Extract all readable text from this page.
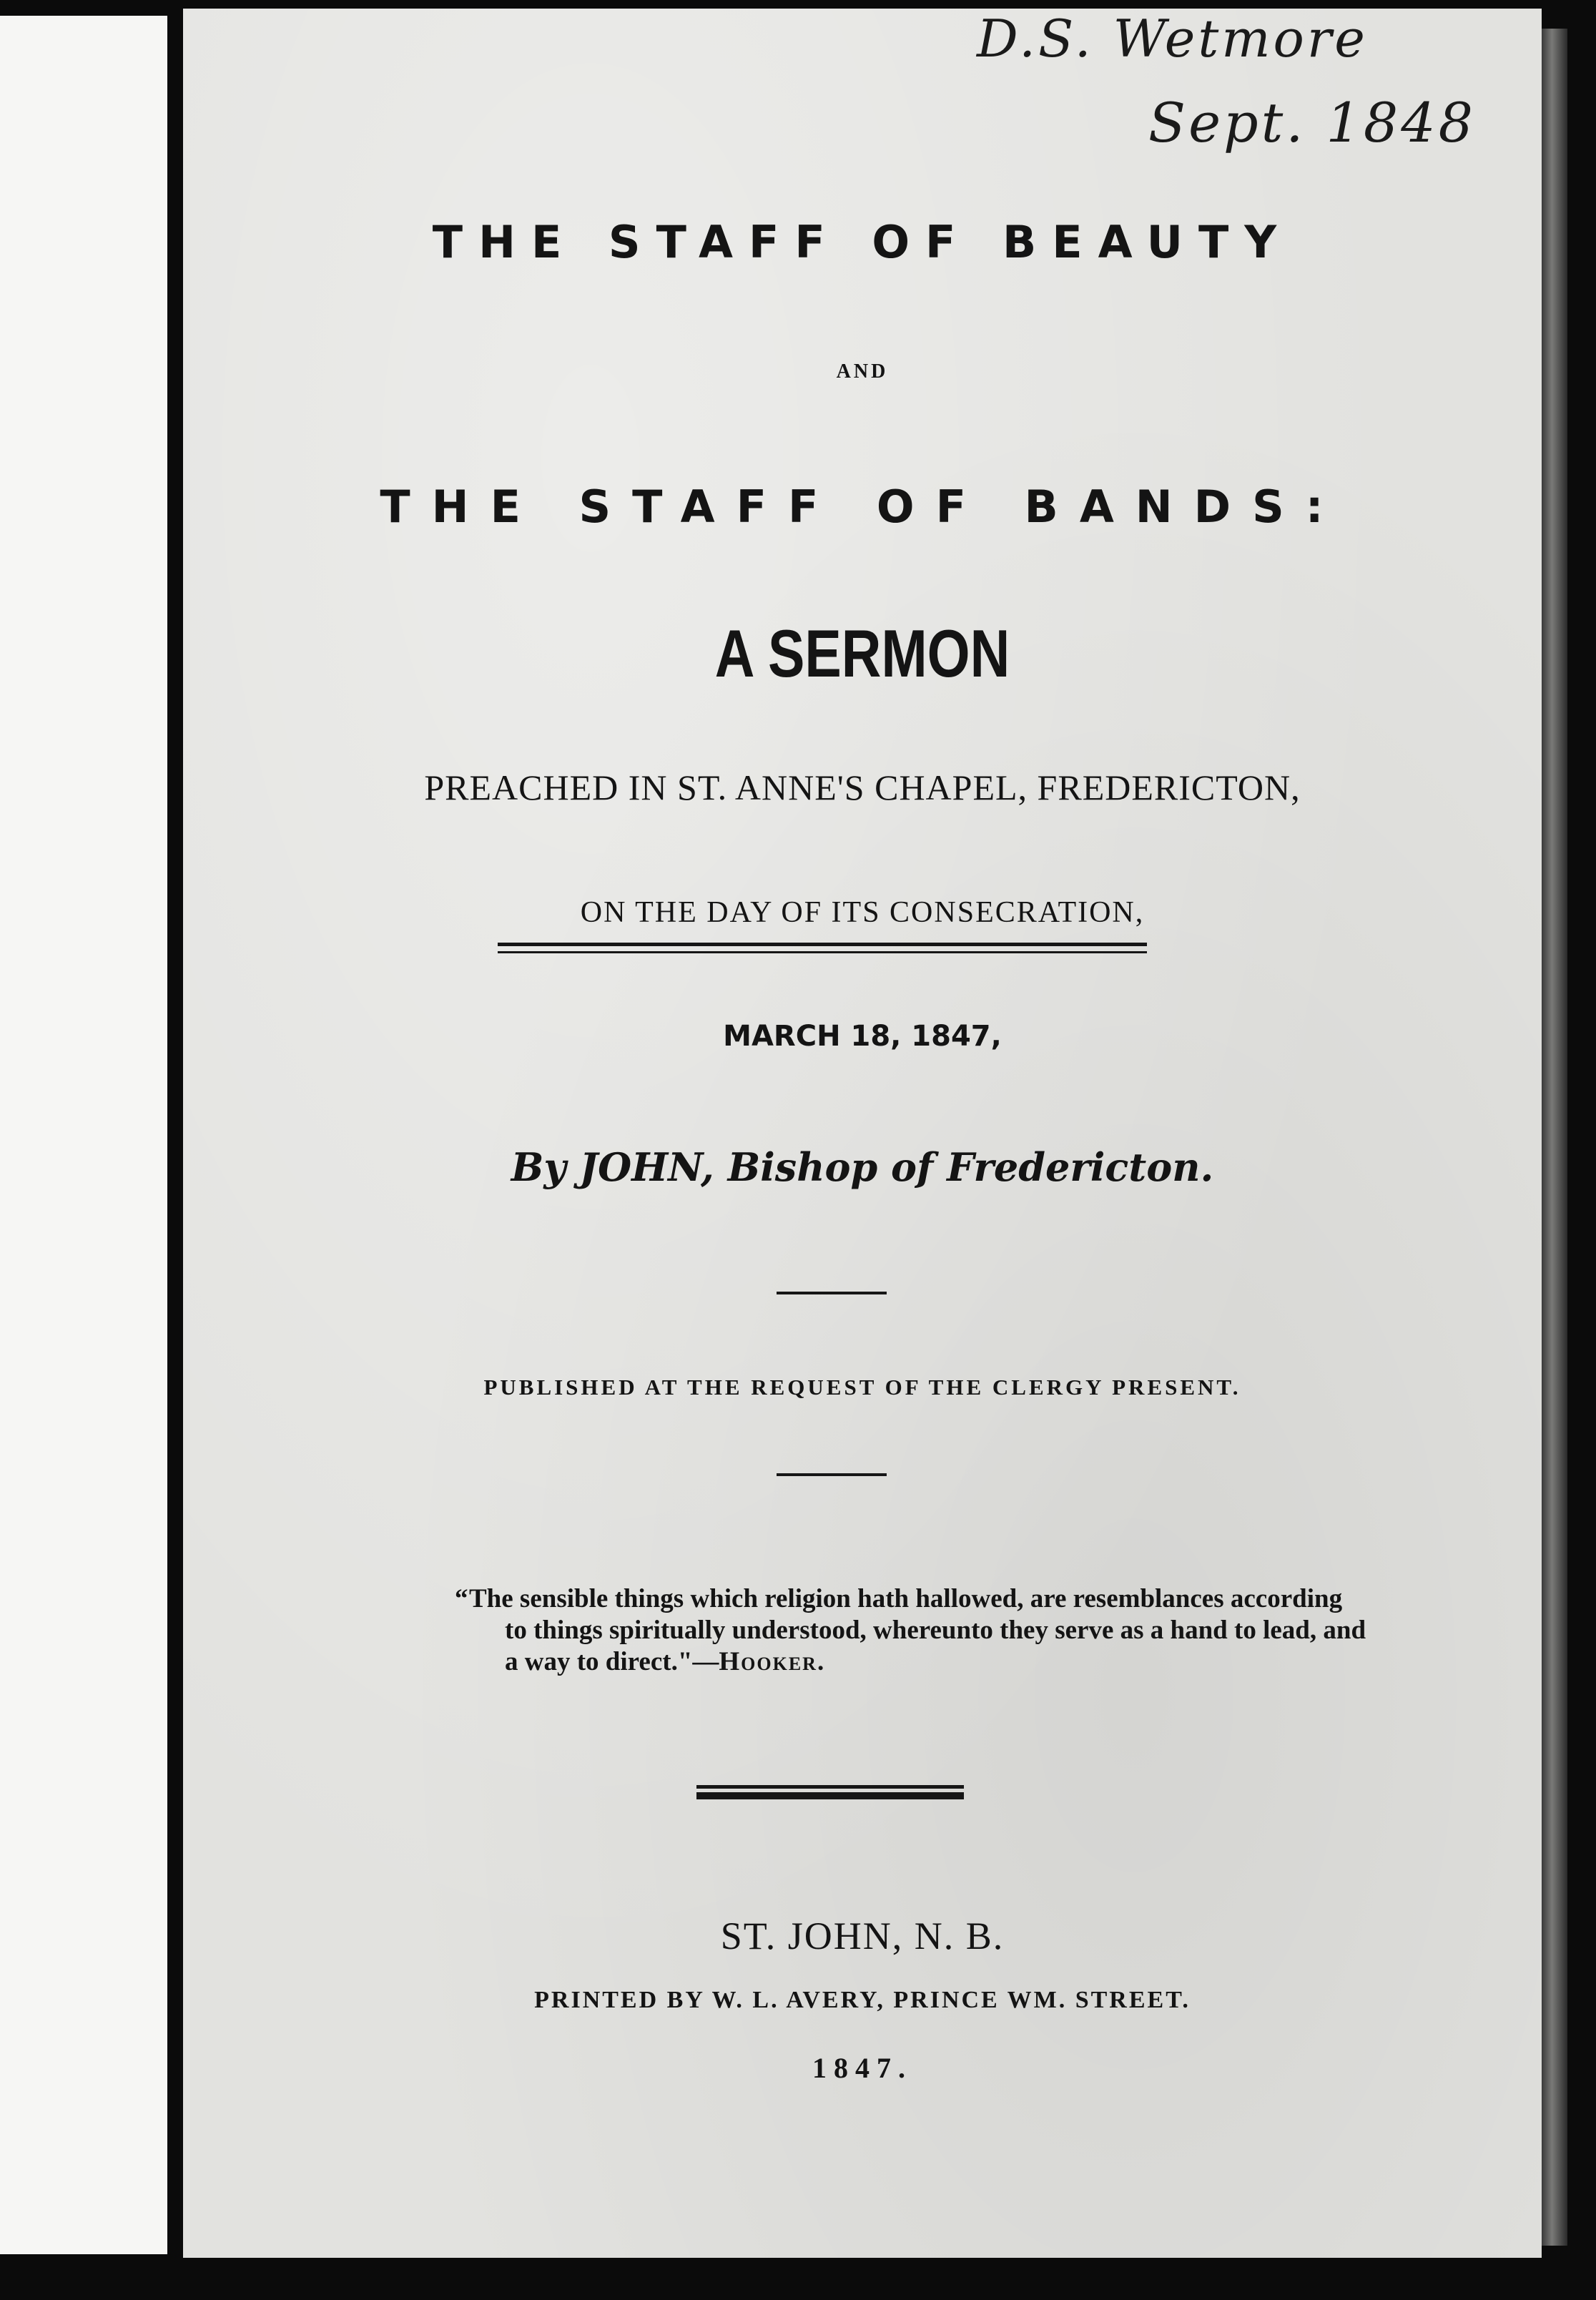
D.S. Wetmore
Sept. 1848
THE STAFF OF BEAUTY
AND
THE STAFF OF BANDS:
A SERMON
PREACHED IN ST. ANNE'S CHAPEL, FREDERICTON,
ON THE DAY OF ITS CONSECRATION,
MARCH 18, 1847,
By JOHN, Bishop of Fredericton.
PUBLISHED AT THE REQUEST OF THE CLERGY PRESENT.
“ The sensible things which religion hath hallowed, are resemblances according
to things spiritually understood, whereunto they serve as a hand to lead, and
a way to direct."—Hooker.
ST. JOHN, N. B.
PRINTED BY W. L. AVERY, PRINCE WM. STREET.
1847.
